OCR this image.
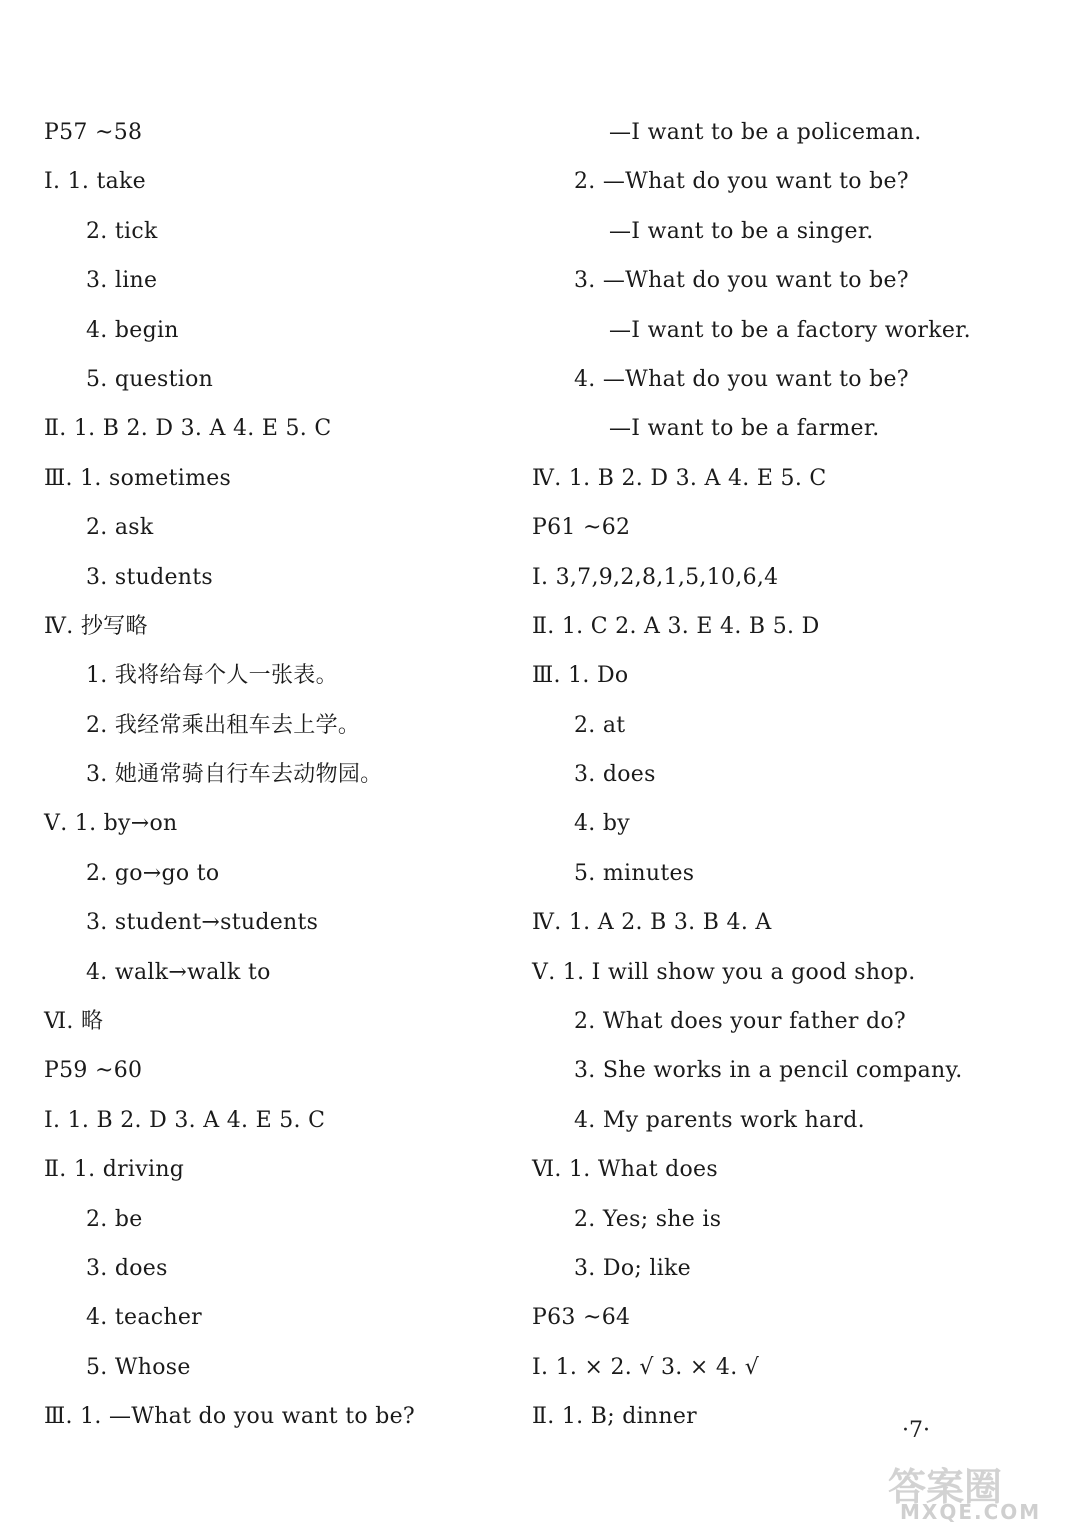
P57 ~58
Ⅰ. 1. take
2. tick
3. line
4. begin
5. question
Ⅱ. 1. B 2. D 3. A 4. E 5. C
Ⅲ. 1. sometimes
2. ask
3. students
Ⅳ. 抄写略
1. 我将给每个人一张表。
2. 我经常乘出租车去上学。
3. 她通常骑自行车去动物园。
Ⅴ. 1. by→on
2. go→go to
3. student→students
4. walk→walk to
Ⅵ. 略
P59 ~60
Ⅰ. 1. B 2. D 3. A 4. E 5. C
Ⅱ. 1. driving
2. be
3. does
4. teacher
5. Whose
Ⅲ. 1. —What do you want to be?
—I want to be a policeman.
2. —What do you want to be?
—I want to be a singer.
3. —What do you want to be?
—I want to be a factory worker.
4. —What do you want to be?
—I want to be a farmer.
Ⅳ. 1. B 2. D 3. A 4. E 5. C
P61 ~62
Ⅰ. 3,7,9,2,8,1,5,10,6,4
Ⅱ. 1. C 2. A 3. E 4. B 5. D
Ⅲ. 1. Do
2. at
3. does
4. by
5. minutes
Ⅳ. 1. A 2. B 3. B 4. A
Ⅴ. 1. I will show you a good shop.
2. What does your father do?
3. She works in a pencil company.
4. My parents work hard.
Ⅵ. 1. What does
2. Yes; she is
3. Do; like
P63 ~64
Ⅰ. 1. × 2. √ 3. × 4. √
Ⅱ. 1. B; dinner
·7·
答案圈
MXQE.COM
